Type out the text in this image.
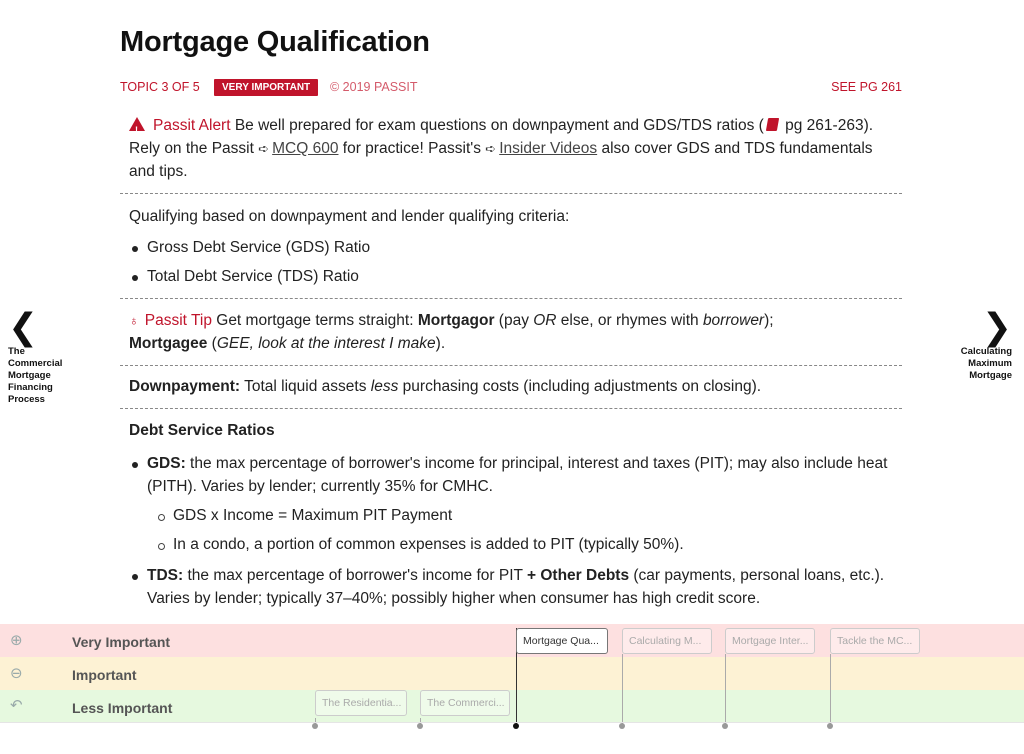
Mortgage Qualification
TOPIC 3 OF 5	VERY IMPORTANT	© 2019 PASSIT	SEE PG 261
!Passit Alert Be well prepared for exam questions on downpayment and GDS/TDS ratios ( pg 261-263). Rely on the Passit ➪ MCQ 600 for practice! Passit's ➪ Insider Videos also cover GDS and TDS fundamentals and tips.
Qualifying based on downpayment and lender qualifying criteria:
Gross Debt Service (GDS) Ratio
Total Debt Service (TDS) Ratio
♁ Passit Tip Get mortgage terms straight: Mortgagor (pay OR else, or rhymes with borrower);
Mortgagee (GEE, look at the interest I make).
Downpayment: Total liquid assets less purchasing costs (including adjustments on closing).
Debt Service Ratios
GDS: the max percentage of borrower's income for principal, interest and taxes (PIT); may also include heat (PITH). Varies by lender; currently 35% for CMHC.
GDS x Income = Maximum PIT Payment
In a condo, a portion of common expenses is added to PIT (typically 50%).
TDS: the max percentage of borrower's income for PIT + Other Debts (car payments, personal loans, etc.). Varies by lender; typically 37–40%; possibly higher when consumer has high credit score.
❮
The Commercial Mortgage Financing Process
❯
Calculating Maximum Mortgage
⊕	Very Important
⊖	Important
↶	Less Important
Mortgage Qua...	Calculating M...	Mortgage Inter...	Tackle the MC...
The Residentia...	The Commerci...
